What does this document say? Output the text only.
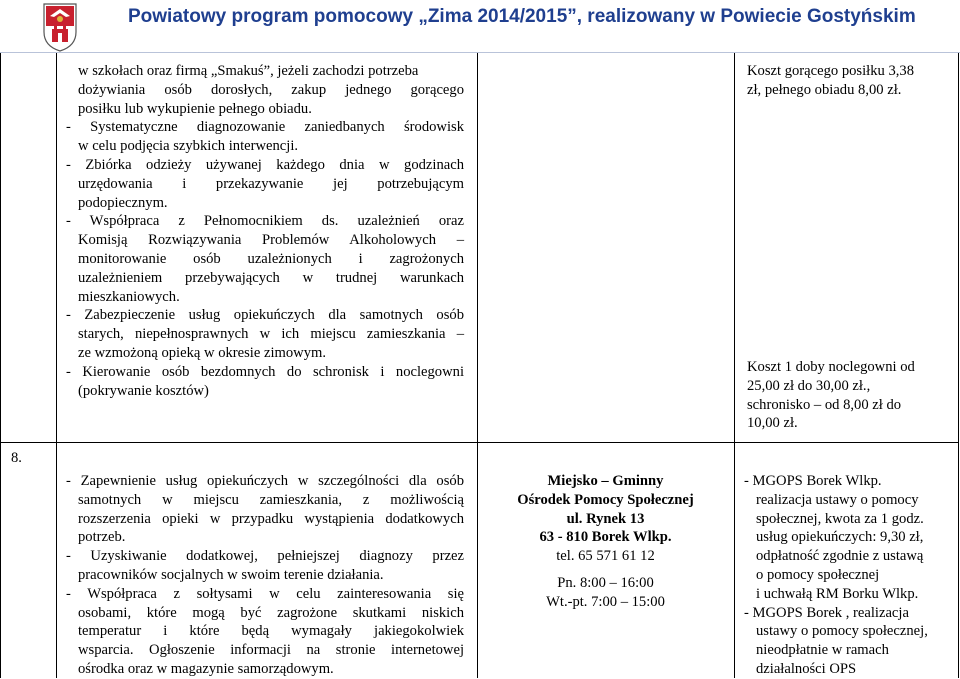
Powiatowy program pomocowy „Zima 2014/2015”, realizowany w Powiecie Gostyńskim

w szkołach oraz firmą „Smakuś”, jeżeli zachodzi potrzeba

dożywiania osób dorosłych, zakup jednego gorącego

posiłku lub wykupienie pełnego obiadu.

- Systematyczne diagnozowanie zaniedbanych środowisk

w celu podjęcia szybkich interwencji.

- Zbiórka odzieży używanej każdego dnia w godzinach

urzędowania i przekazywanie jej potrzebującym

podopiecznym.

- Współpraca z Pełnomocnikiem ds. uzależnień oraz

Komisją Rozwiązywania Problemów Alkoholowych –

monitorowanie osób uzależnionych i zagrożonych

uzależnieniem przebywających w trudnej warunkach

mieszkaniowych.

- Zabezpieczenie usług opiekuńczych dla samotnych osób

starych, niepełnosprawnych w ich miejscu zamieszkania –

ze wzmożoną opieką w okresie zimowym.

- Kierowanie osób bezdomnych do schronisk i noclegowni

(pokrywanie kosztów)

Koszt gorącego posiłku 3,38

zł, pełnego obiadu 8,00 zł.

Koszt 1 doby noclegowni od

25,00 zł do 30,00 zł.,

schronisko – od 8,00 zł do

10,00 zł.

8.

- Zapewnienie usług opiekuńczych w szczególności dla osób

samotnych w miejscu zamieszkania, z możliwością

rozszerzenia opieki w przypadku wystąpienia dodatkowych

potrzeb.

- Uzyskiwanie dodatkowej, pełniejszej diagnozy przez

pracowników socjalnych w swoim terenie działania.

- Współpraca z sołtysami w celu zainteresowania się

osobami, które mogą być zagrożone skutkami niskich

temperatur i które będą wymagały jakiegokolwiek

wsparcia. Ogłoszenie informacji na stronie internetowej

ośrodka oraz w magazynie samorządowym.

Miejsko – Gminny

Ośrodek Pomocy Społecznej

ul. Rynek 13

63 - 810 Borek Wlkp.

tel. 65 571 61 12

Pn. 8:00 – 16:00

Wt.-pt. 7:00 – 15:00

- MGOPS Borek Wlkp.

realizacja ustawy o pomocy

społecznej, kwota za 1 godz.

usług opiekuńczych: 9,30 zł,

odpłatność zgodnie z ustawą

o pomocy społecznej

i uchwałą RM Borku Wlkp.

- MGOPS Borek , realizacja

ustawy o pomocy społecznej,

nieodpłatnie w ramach

działalności OPS
